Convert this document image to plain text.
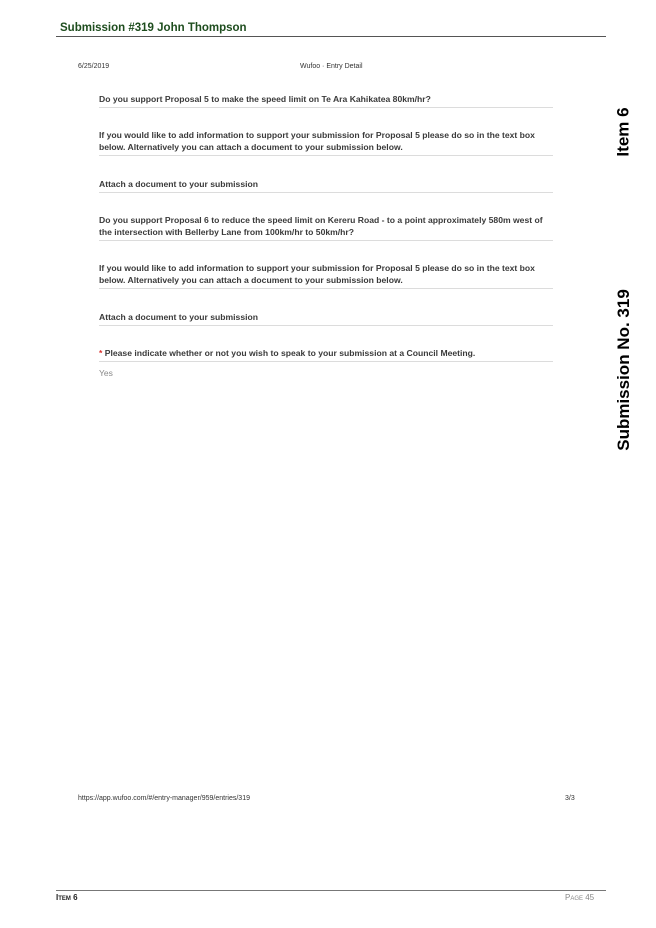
Submission #319 John Thompson
6/25/2019	Wufoo · Entry Detail
Do you support Proposal 5 to make the speed limit on Te Ara Kahikatea 80km/hr?
If you would like to add information to support your submission for Proposal 5 please do so in the text box below. Alternatively you can attach a document to your submission below.
Attach a document to your submission
Do you support Proposal 6 to reduce the speed limit on Kereru Road - to a point approximately 580m west of the intersection with Bellerby Lane from 100km/hr to 50km/hr?
If you would like to add information to support your submission for Proposal 5 please do so in the text box below. Alternatively you can attach a document to your submission below.
Attach a document to your submission
* Please indicate whether or not you wish to speak to your submission at a Council Meeting.
Yes
Item 6
Submission No. 319
https://app.wufoo.com/#/entry-manager/959/entries/319	3/3
Item 6	Page 45
